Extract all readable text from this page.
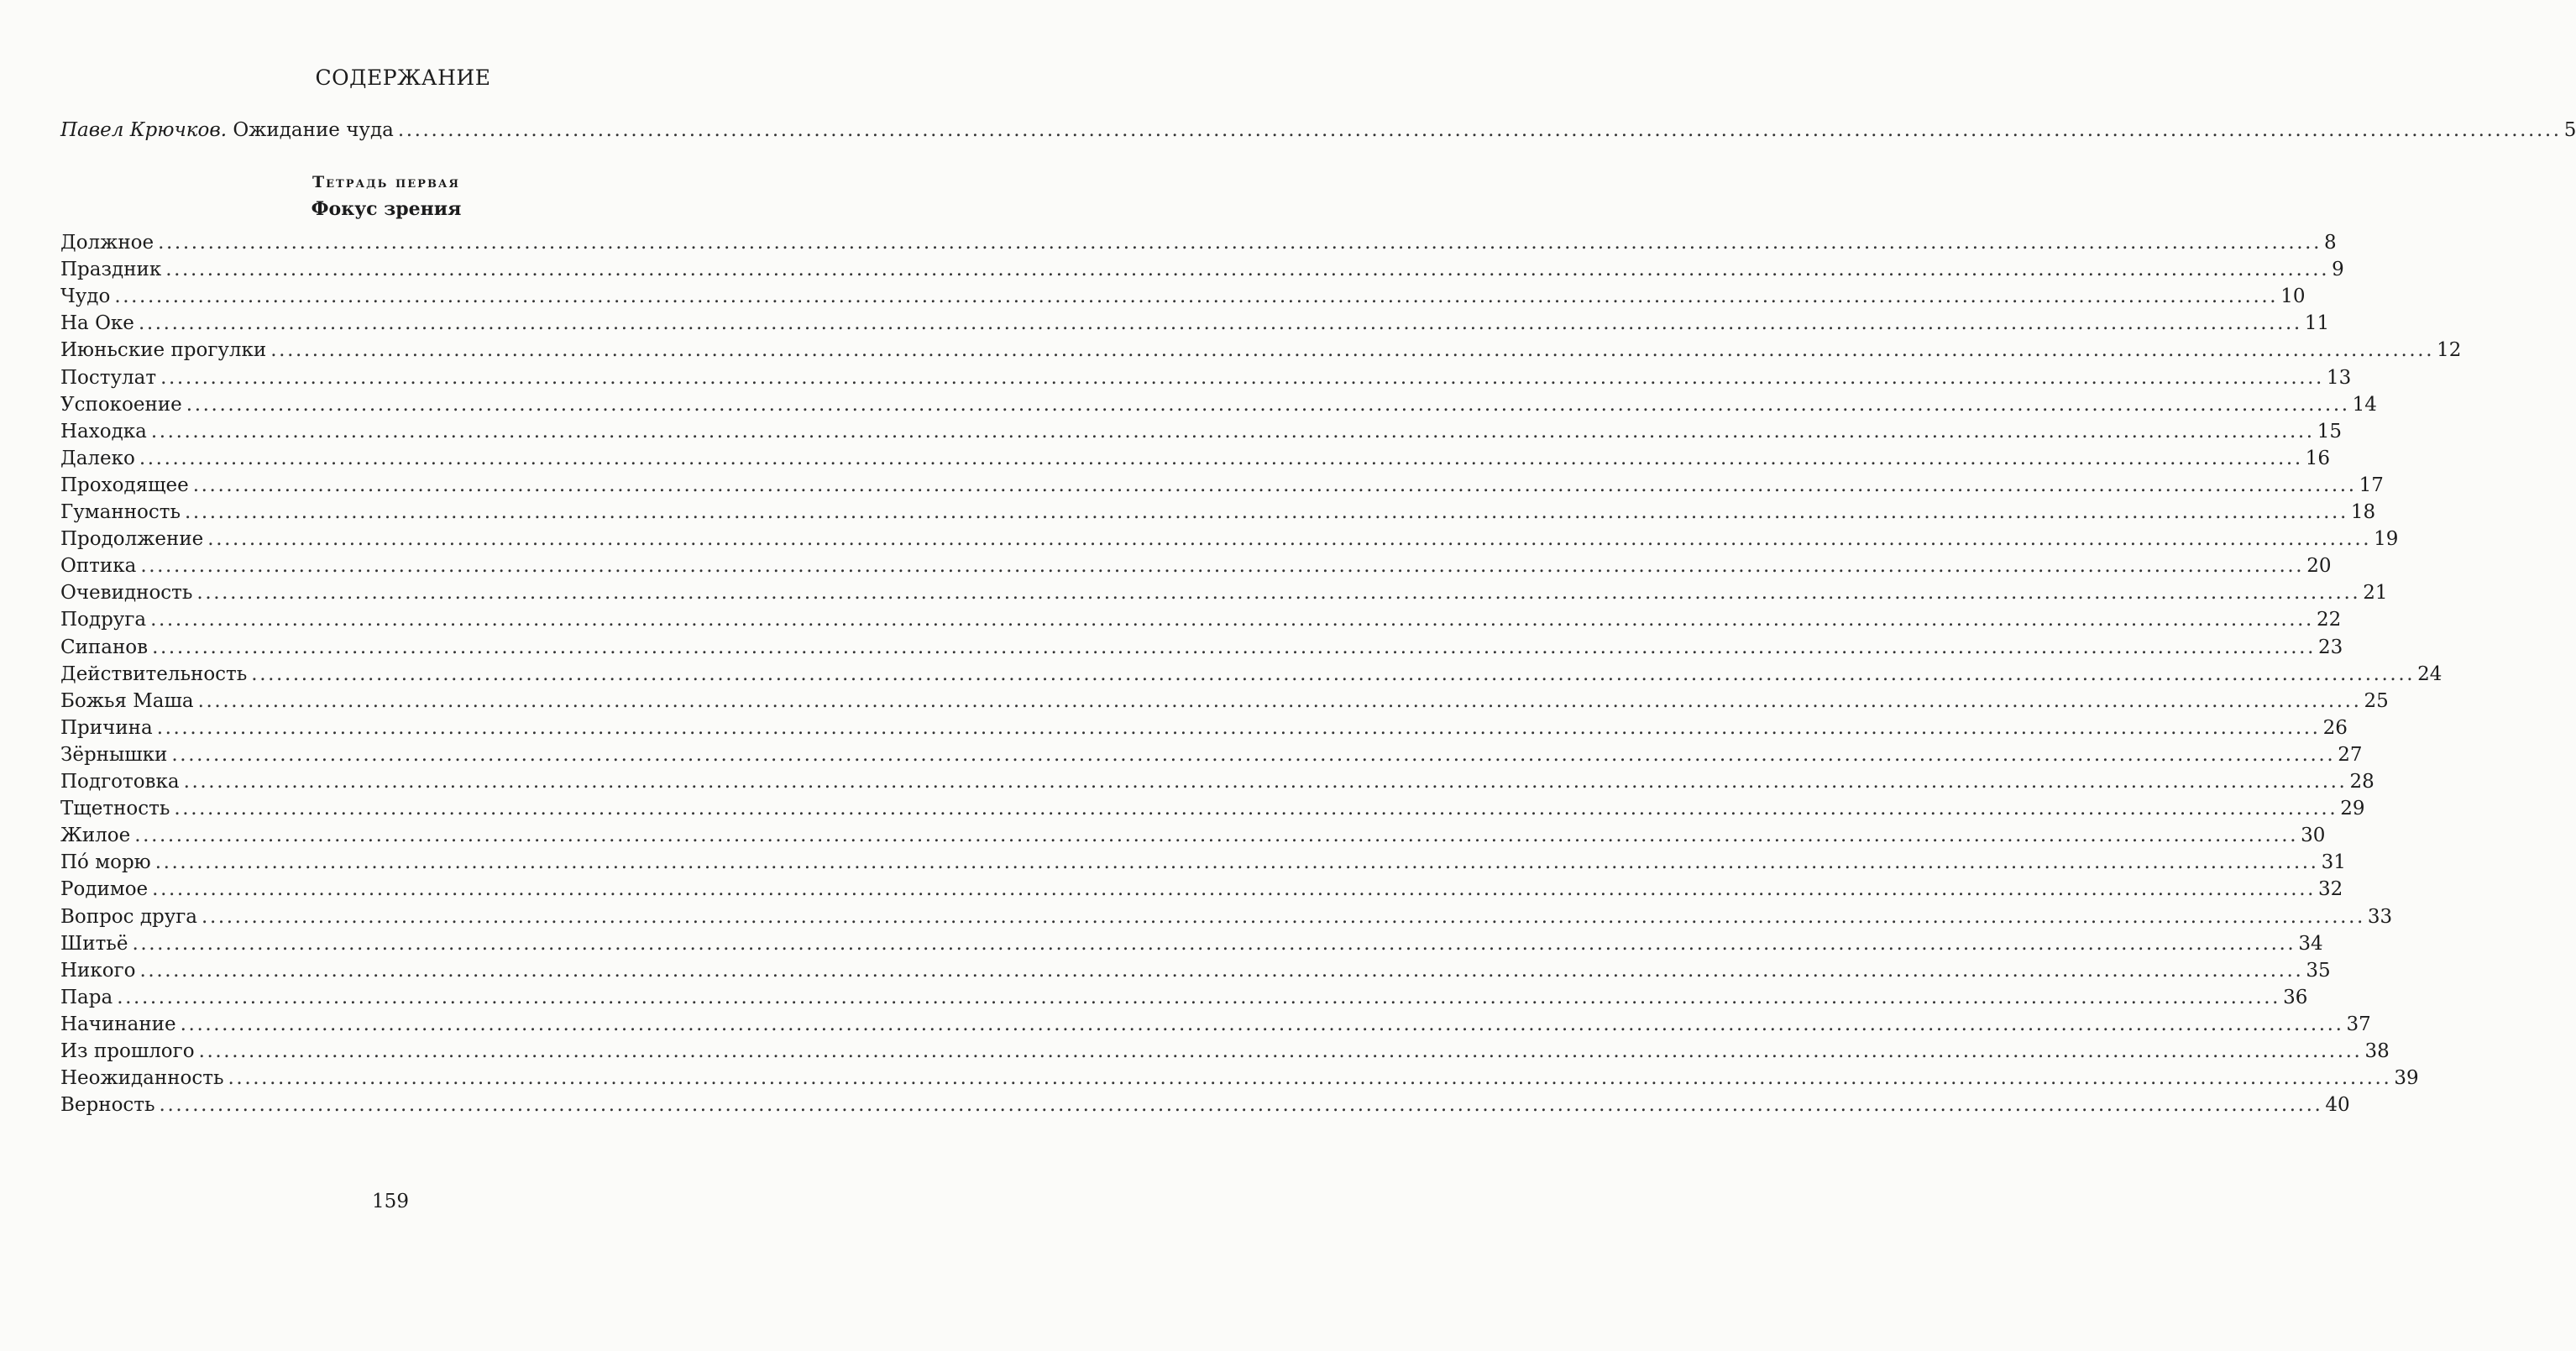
СОДЕРЖАНИЕ
Павел Крючков. Ожидание чуда .................................................................................................................................................................................................................................................................... 5
Тетрадь первая
Фокус зрения
Должное .................................................................................................................................................................................................................................................................... 8
Праздник .................................................................................................................................................................................................................................................................... 9
Чудо .................................................................................................................................................................................................................................................................... 10
На Оке .................................................................................................................................................................................................................................................................... 11
Июньские прогулки .................................................................................................................................................................................................................................................................... 12
Постулат .................................................................................................................................................................................................................................................................... 13
Успокоение .................................................................................................................................................................................................................................................................... 14
Находка .................................................................................................................................................................................................................................................................... 15
Далеко .................................................................................................................................................................................................................................................................... 16
Проходящее .................................................................................................................................................................................................................................................................... 17
Гуманность .................................................................................................................................................................................................................................................................... 18
Продолжение .................................................................................................................................................................................................................................................................... 19
Оптика .................................................................................................................................................................................................................................................................... 20
Очевидность .................................................................................................................................................................................................................................................................... 21
Подруга .................................................................................................................................................................................................................................................................... 22
Сипанов .................................................................................................................................................................................................................................................................... 23
Действительность .................................................................................................................................................................................................................................................................... 24
Божья Маша .................................................................................................................................................................................................................................................................... 25
Причина .................................................................................................................................................................................................................................................................... 26
Зёрнышки .................................................................................................................................................................................................................................................................... 27
Подготовка .................................................................................................................................................................................................................................................................... 28
Тщетность .................................................................................................................................................................................................................................................................... 29
Жилое .................................................................................................................................................................................................................................................................... 30
По́ морю .................................................................................................................................................................................................................................................................... 31
Родимое .................................................................................................................................................................................................................................................................... 32
Вопрос друга .................................................................................................................................................................................................................................................................... 33
Шитьё .................................................................................................................................................................................................................................................................... 34
Никого .................................................................................................................................................................................................................................................................... 35
Пара .................................................................................................................................................................................................................................................................... 36
Начинание .................................................................................................................................................................................................................................................................... 37
Из прошлого .................................................................................................................................................................................................................................................................... 38
Неожиданность .................................................................................................................................................................................................................................................................... 39
Верность .................................................................................................................................................................................................................................................................... 40
159
